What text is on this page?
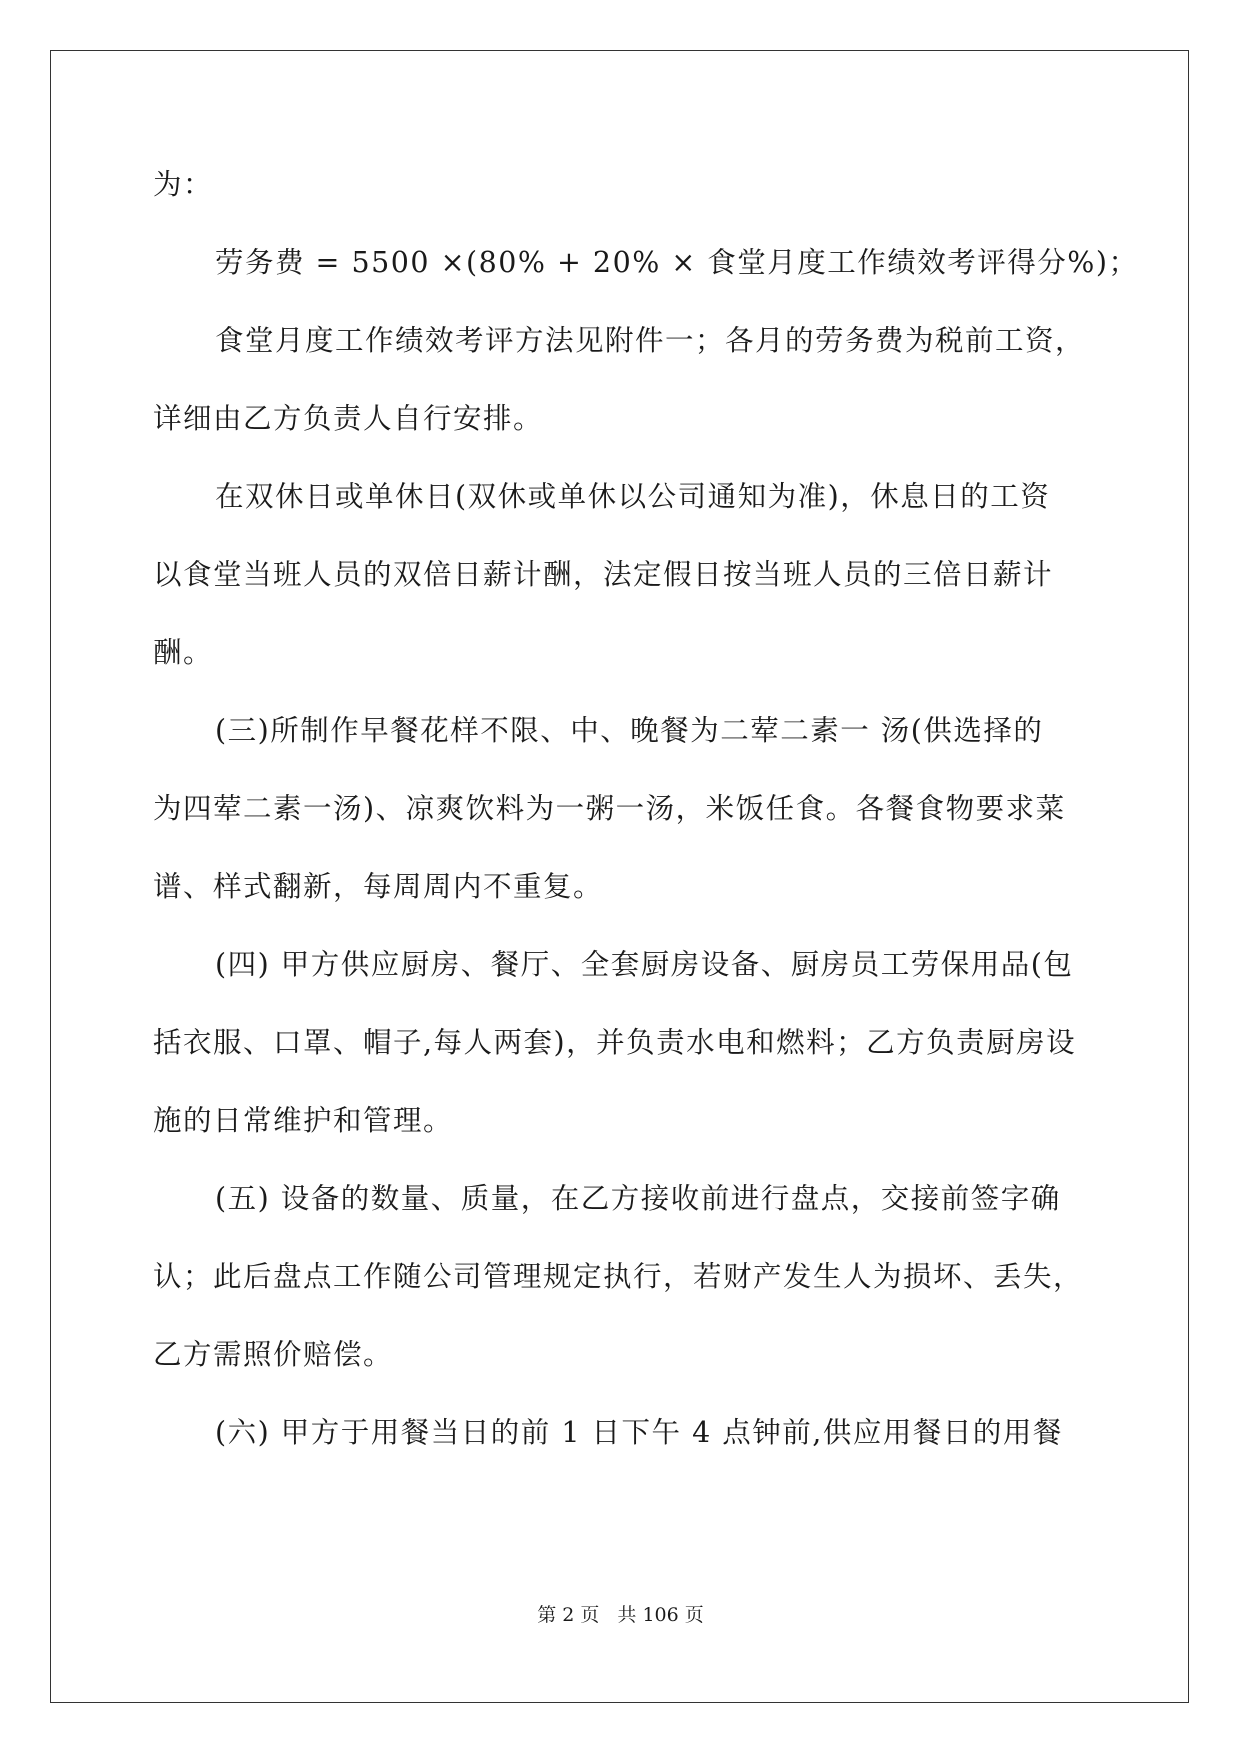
为：
劳务费 = 5500 ×(80% + 20% × 食堂月度工作绩效考评得分%)；
食堂月度工作绩效考评方法见附件一；各月的劳务费为税前工资，
详细由乙方负责人自行安排。
在双休日或单休日(双休或单休以公司通知为准)，休息日的工资
以食堂当班人员的双倍日薪计酬，法定假日按当班人员的三倍日薪计
酬。
(三)所制作早餐花样不限、中、晚餐为二荤二素一 汤(供选择的
为四荤二素一汤)、凉爽饮料为一粥一汤，米饭任食。各餐食物要求菜
谱、样式翻新，每周周内不重复。
(四) 甲方供应厨房、餐厅、全套厨房设备、厨房员工劳保用品(包
括衣服、口罩、帽子,每人两套)，并负责水电和燃料；乙方负责厨房设
施的日常维护和管理。
(五) 设备的数量、质量，在乙方接收前进行盘点，交接前签字确
认；此后盘点工作随公司管理规定执行，若财产发生人为损坏、丢失，
乙方需照价赔偿。
(六) 甲方于用餐当日的前 1 日下午 4 点钟前,供应用餐日的用餐
第 2 页 共 106 页
